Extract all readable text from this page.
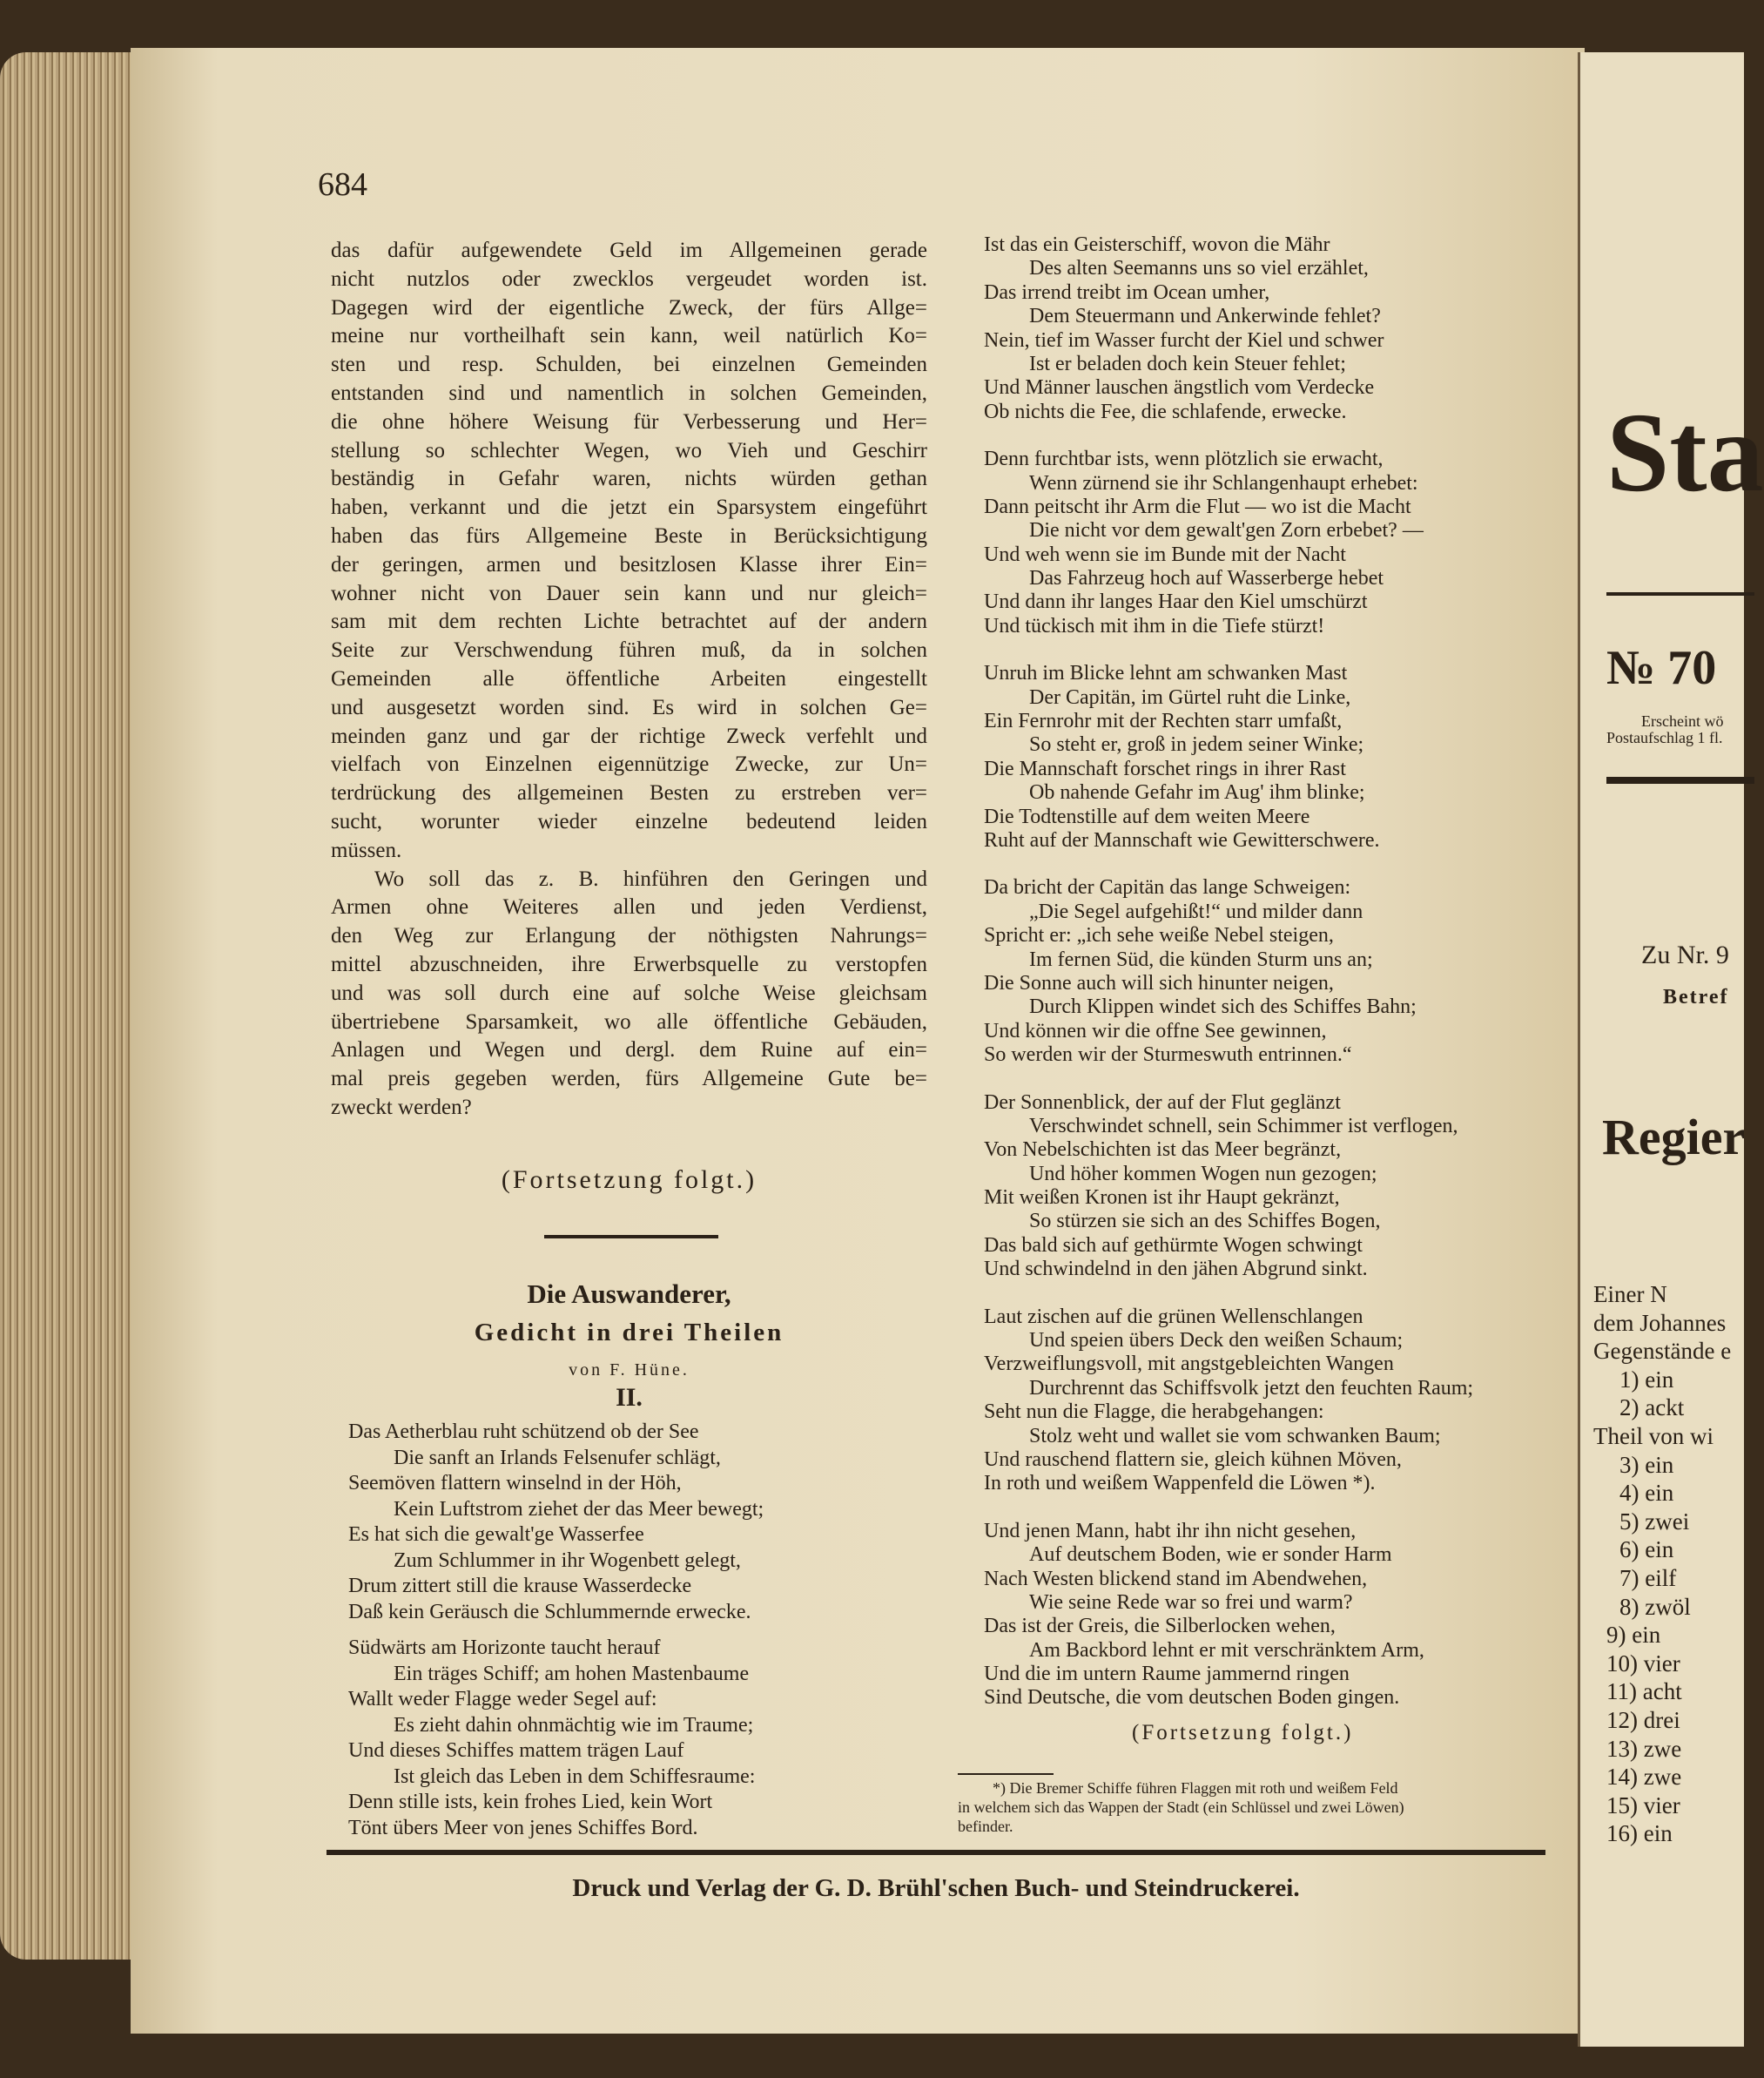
684
das dafür aufgewendete Geld im Allgemeinen gerade
nicht nutzlos oder zwecklos vergeudet worden ist.
Dagegen wird der eigentliche Zweck, der fürs Allge=
meine nur vortheilhaft sein kann, weil natürlich Ko=
sten und resp. Schulden, bei einzelnen Gemeinden
entstanden sind und namentlich in solchen Gemeinden,
die ohne höhere Weisung für Verbesserung und Her=
stellung so schlechter Wegen, wo Vieh und Geschirr
beständig in Gefahr waren, nichts würden gethan
haben, verkannt und die jetzt ein Sparsystem eingeführt
haben das fürs Allgemeine Beste in Berücksichtigung
der geringen, armen und besitzlosen Klasse ihrer Ein=
wohner nicht von Dauer sein kann und nur gleich=
sam mit dem rechten Lichte betrachtet auf der andern
Seite zur Verschwendung führen muß, da in solchen
Gemeinden alle öffentliche Arbeiten eingestellt
und ausgesetzt worden sind. Es wird in solchen Ge=
meinden ganz und gar der richtige Zweck verfehlt und
vielfach von Einzelnen eigennützige Zwecke, zur Un=
terdrückung des allgemeinen Besten zu erstreben ver=
sucht, worunter wieder einzelne bedeutend leiden
müssen.
Wo soll das z. B. hinführen den Geringen und
Armen ohne Weiteres allen und jeden Verdienst,
den Weg zur Erlangung der nöthigsten Nahrungs=
mittel abzuschneiden, ihre Erwerbsquelle zu verstopfen
und was soll durch eine auf solche Weise gleichsam
übertriebene Sparsamkeit, wo alle öffentliche Gebäuden,
Anlagen und Wegen und dergl. dem Ruine auf ein=
mal preis gegeben werden, fürs Allgemeine Gute be=
zweckt werden?
(Fortsetzung folgt.)
Die Auswanderer,
Gedicht in drei Theilen
von F. Hüne.
II.
Das Aetherblau ruht schützend ob der See
Die sanft an Irlands Felsenufer schlägt,
Seemöven flattern winselnd in der Höh,
Kein Luftstrom ziehet der das Meer bewegt;
Es hat sich die gewalt'ge Wasserfee
Zum Schlummer in ihr Wogenbett gelegt,
Drum zittert still die krause Wasserdecke
Daß kein Geräusch die Schlummernde erwecke.
Südwärts am Horizonte taucht herauf
Ein träges Schiff; am hohen Mastenbaume
Wallt weder Flagge weder Segel auf:
Es zieht dahin ohnmächtig wie im Traume;
Und dieses Schiffes mattem trägen Lauf
Ist gleich das Leben in dem Schiffesraume:
Denn stille ists, kein frohes Lied, kein Wort
Tönt übers Meer von jenes Schiffes Bord.
Ist das ein Geisterschiff, wovon die Mähr
Des alten Seemanns uns so viel erzählet,
Das irrend treibt im Ocean umher,
Dem Steuermann und Ankerwinde fehlet?
Nein, tief im Wasser furcht der Kiel und schwer
Ist er beladen doch kein Steuer fehlet;
Und Männer lauschen ängstlich vom Verdecke
Ob nichts die Fee, die schlafende, erwecke.
Denn furchtbar ists, wenn plötzlich sie erwacht,
Wenn zürnend sie ihr Schlangenhaupt erhebet:
Dann peitscht ihr Arm die Flut — wo ist die Macht
Die nicht vor dem gewalt'gen Zorn erbebet? —
Und weh wenn sie im Bunde mit der Nacht
Das Fahrzeug hoch auf Wasserberge hebet
Und dann ihr langes Haar den Kiel umschürzt
Und tückisch mit ihm in die Tiefe stürzt!
Unruh im Blicke lehnt am schwanken Mast
Der Capitän, im Gürtel ruht die Linke,
Ein Fernrohr mit der Rechten starr umfaßt,
So steht er, groß in jedem seiner Winke;
Die Mannschaft forschet rings in ihrer Rast
Ob nahende Gefahr im Aug' ihm blinke;
Die Todtenstille auf dem weiten Meere
Ruht auf der Mannschaft wie Gewitterschwere.
Da bricht der Capitän das lange Schweigen:
„Die Segel aufgehißt!“ und milder dann
Spricht er: „ich sehe weiße Nebel steigen,
Im fernen Süd, die künden Sturm uns an;
Die Sonne auch will sich hinunter neigen,
Durch Klippen windet sich des Schiffes Bahn;
Und können wir die offne See gewinnen,
So werden wir der Sturmeswuth entrinnen.“
Der Sonnenblick, der auf der Flut geglänzt
Verschwindet schnell, sein Schimmer ist verflogen,
Von Nebelschichten ist das Meer begränzt,
Und höher kommen Wogen nun gezogen;
Mit weißen Kronen ist ihr Haupt gekränzt,
So stürzen sie sich an des Schiffes Bogen,
Das bald sich auf gethürmte Wogen schwingt
Und schwindelnd in den jähen Abgrund sinkt.
Laut zischen auf die grünen Wellenschlangen
Und speien übers Deck den weißen Schaum;
Verzweiflungsvoll, mit angstgebleichten Wangen
Durchrennt das Schiffsvolk jetzt den feuchten Raum;
Seht nun die Flagge, die herabgehangen:
Stolz weht und wallet sie vom schwanken Baum;
Und rauschend flattern sie, gleich kühnen Möven,
In roth und weißem Wappenfeld die Löwen *).
Und jenen Mann, habt ihr ihn nicht gesehen,
Auf deutschem Boden, wie er sonder Harm
Nach Westen blickend stand im Abendwehen,
Wie seine Rede war so frei und warm?
Das ist der Greis, die Silberlocken wehen,
Am Backbord lehnt er mit verschränktem Arm,
Und die im untern Raume jammernd ringen
Sind Deutsche, die vom deutschen Boden gingen.
(Fortsetzung folgt.)
*) Die Bremer Schiffe führen Flaggen mit roth und weißem Feld
in welchem sich das Wappen der Stadt (ein Schlüssel und zwei Löwen)
befinder.
Druck und Verlag der G. D. Brühl'schen Buch- und Steindruckerei.
Sta
№ 70
Erscheint wö
Postaufschlag 1 fl.
Zu Nr. 9
Betref
Regier
Einer N
dem Johannes
Gegenstände e
1) ein
2) ackt
Theil von wi
3) ein
4) ein
5) zwei
6) ein
7) eilf
8) zwöl
9) ein
10) vier
11) acht
12) drei
13) zwe
14) zwe
15) vier
16) ein
